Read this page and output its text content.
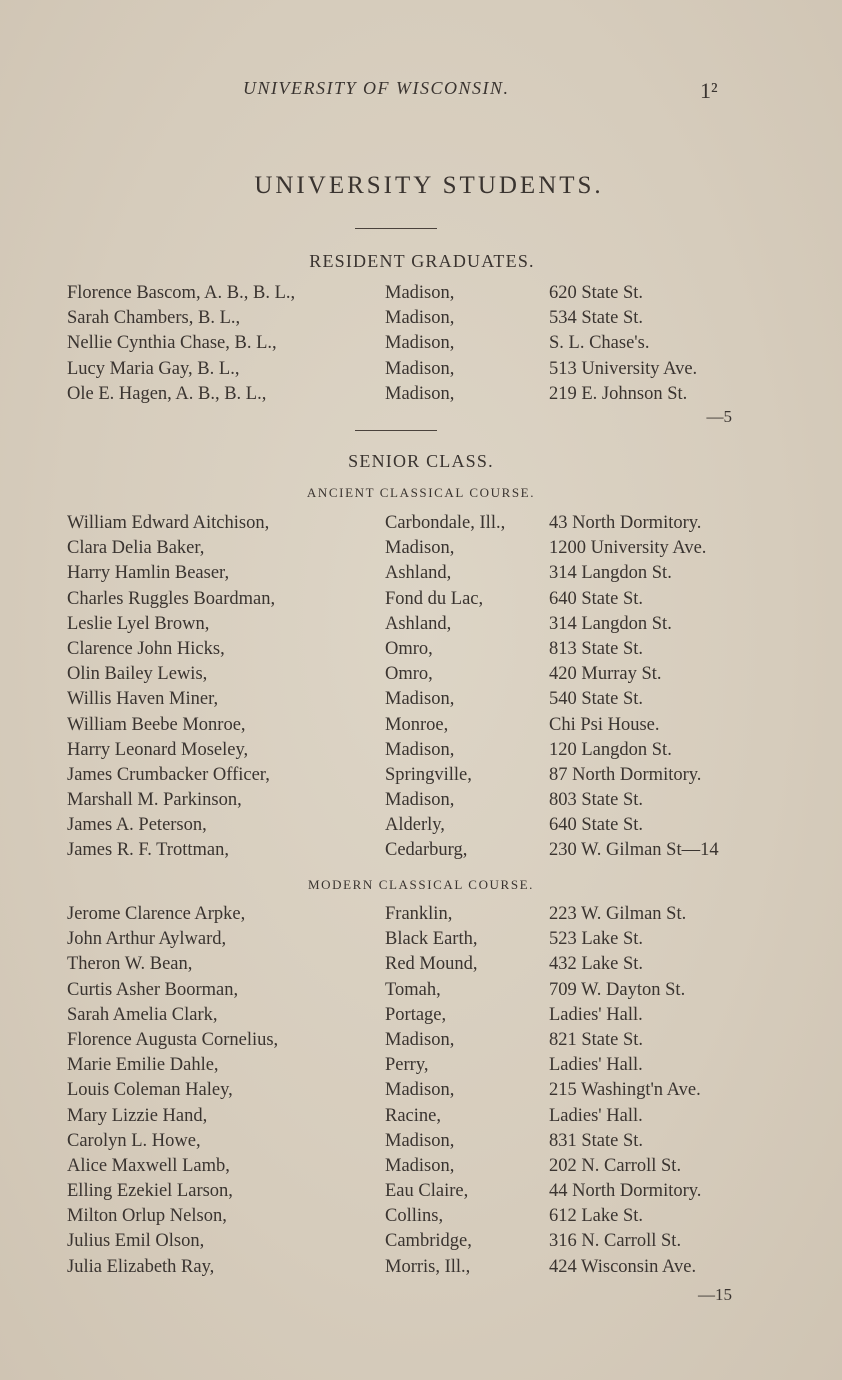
UNIVERSITY OF WISCONSIN.	1²
UNIVERSITY STUDENTS.
RESIDENT GRADUATES.
Florence Bascom, A. B., B. L.,	Madison,	620 State St.
Sarah Chambers, B. L.,	Madison,	534 State St.
Nellie Cynthia Chase, B. L.,	Madison,	S. L. Chase's.
Lucy Maria Gay, B. L.,	Madison,	513 University Ave.
Ole E. Hagen, A. B., B. L.,	Madison,	219 E. Johnson St.
—5
SENIOR CLASS.
ANCIENT CLASSICAL COURSE.
William Edward Aitchison,	Carbondale, Ill., 43 North Dormitory.
Clara Delia Baker,	Madison,	1200 University Ave.
Harry Hamlin Beaser,	Ashland,	314 Langdon St.
Charles Ruggles Boardman,	Fond du Lac,	640 State St.
Leslie Lyel Brown,	Ashland,	314 Langdon St.
Clarence John Hicks,	Omro,	813 State St.
Olin Bailey Lewis,	Omro,	420 Murray St.
Willis Haven Miner,	Madison,	540 State St.
William Beebe Monroe,	Monroe,	Chi Psi House.
Harry Leonard Moseley,	Madison,	120 Langdon St.
James Crumbacker Officer,	Springville,	87 North Dormitory.
Marshall M. Parkinson,	Madison,	803 State St.
James A. Peterson,	Alderly,	640 State St.
James R. F. Trottman,	Cedarburg,	230 W. Gilman St—14
MODERN CLASSICAL COURSE.
Jerome Clarence Arpke,	Franklin,	223 W. Gilman St.
John Arthur Aylward,	Black Earth,	523 Lake St.
Theron W. Bean,	Red Mound,	432 Lake St.
Curtis Asher Boorman,	Tomah,	709 W. Dayton St.
Sarah Amelia Clark,	Portage,	Ladies' Hall.
Florence Augusta Cornelius,	Madison,	821 State St.
Marie Emilie Dahle,	Perry,	Ladies' Hall.
Louis Coleman Haley,	Madison,	215 Washingt'n Ave.
Mary Lizzie Hand,	Racine,	Ladies' Hall.
Carolyn L. Howe,	Madison,	831 State St.
Alice Maxwell Lamb,	Madison,	202 N. Carroll St.
Elling Ezekiel Larson,	Eau Claire,	44 North Dormitory.
Milton Orlup Nelson,	Collins,	612 Lake St.
Julius Emil Olson,	Cambridge,	316 N. Carroll St.
Julia Elizabeth Ray,	Morris, Ill.,	424 Wisconsin Ave.
—15
